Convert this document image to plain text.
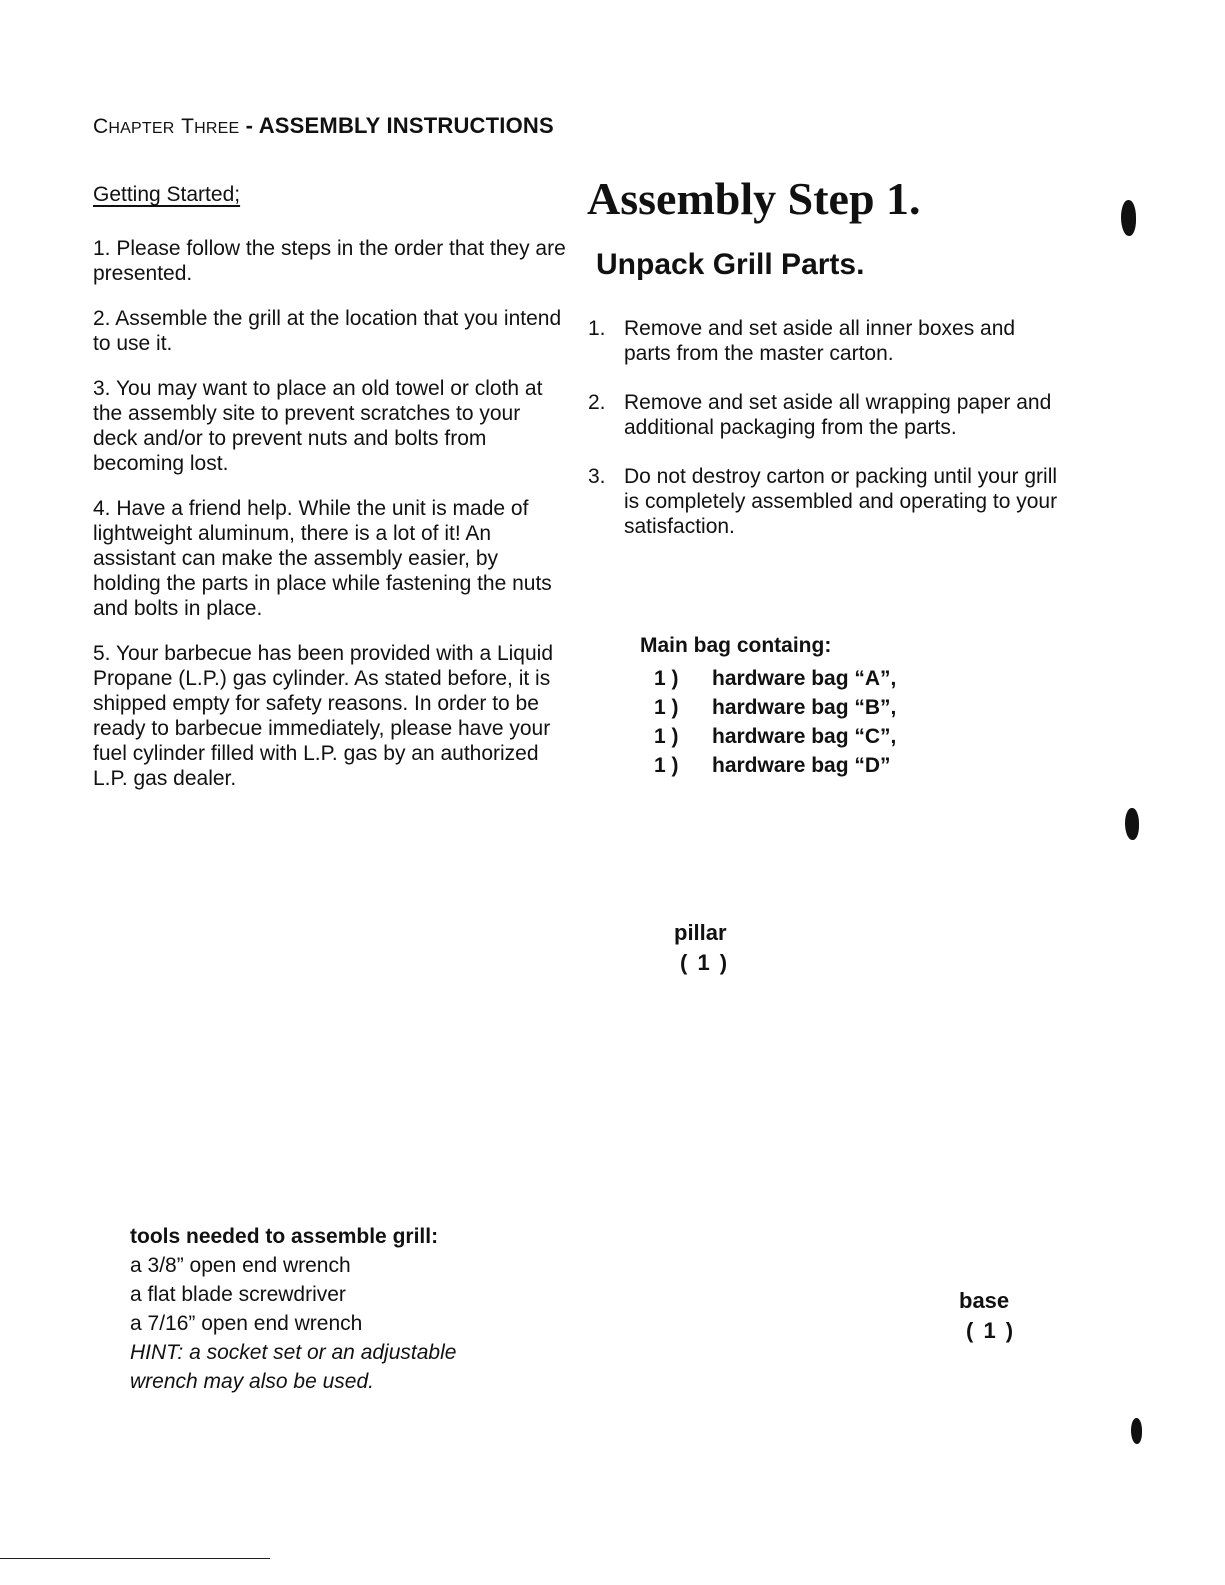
CHAPTER THREE - ASSEMBLY INSTRUCTIONS
Getting Started;

1. Please follow the steps in the order that they are presented.

2. Assemble the grill at the location that you intend to use it.

3. You may want to place an old towel or cloth at the assembly site to prevent scratches to your deck and/or to prevent nuts and bolts from becoming lost.

4. Have a friend help. While the unit is made of lightweight aluminum, there is a lot of it! An assistant can make the assembly easier, by holding the parts in place while fastening the nuts and bolts in place.

5. Your barbecue has been provided with a Liquid Propane (L.P.) gas cylinder. As stated before, it is shipped empty for safety reasons. In order to be ready to barbecue immediately, please have your fuel cylinder filled with L.P. gas by an authorized L.P. gas dealer.

Assembly Step 1.
Unpack Grill Parts.
1. Remove and set aside all inner boxes and parts from the master carton.
2. Remove and set aside all wrapping paper and additional packaging from the parts.
3. Do not destroy carton or packing until your grill is completely assembled and operating to your satisfaction.
Main bag containg:
1 ) hardware bag “A”,
1 ) hardware bag “B”,
1 ) hardware bag “C”,
1 ) hardware bag “D”
pillar
( 1 )
base
( 1 )
tools needed to assemble grill:
a 3/8” open end wrench
a flat blade screwdriver
a 7/16” open end wrench
HINT: a socket set or an adjustable
wrench may also be used.
